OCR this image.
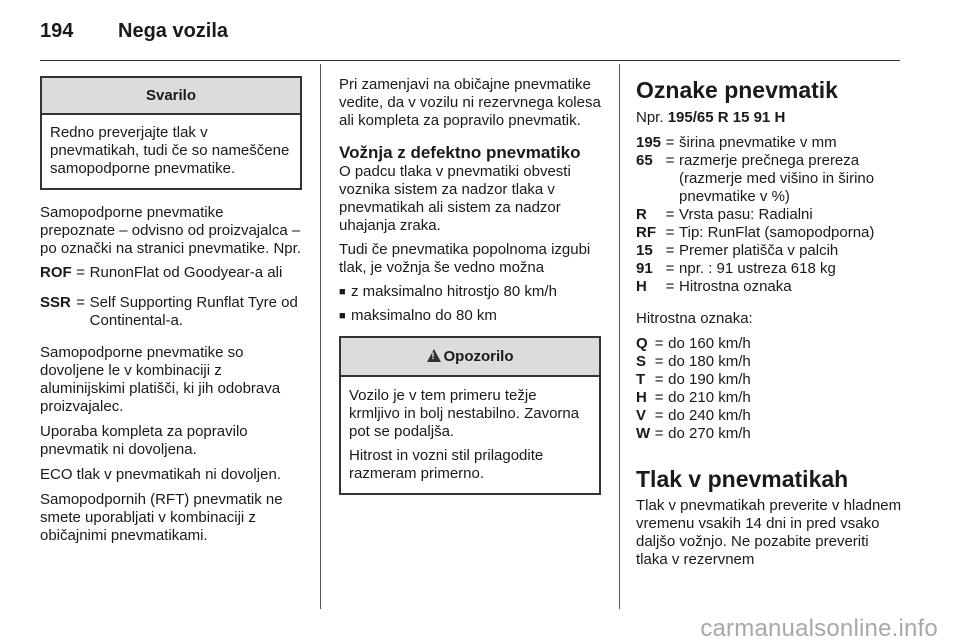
194 Nega vozila
Svarilo

Redno preverjajte tlak v pnevmatikah, tudi če so nameščene samopodporne pnevmatike.

Samopodporne pnevmatike prepoznate – odvisno od proizvajalca – po označki na stranici pnevmatike. Npr.

ROF = RunonFlat od Goodyear-a ali
SSR = Self Supporting Runflat Tyre od Continental-a.

Samopodporne pnevmatike so dovoljene le v kombinaciji z aluminijskimi platišči, ki jih odobrava proizvajalec.

Uporaba kompleta za popravilo pnevmatik ni dovoljena.

ECO tlak v pnevmatikah ni dovoljen.

Samopodpornih (RFT) pnevmatik ne smete uporabljati v kombinaciji z običajnimi pnevmatikami.

Pri zamenjavi na običajne pnevmatike vedite, da v vozilu ni rezervnega kolesa ali kompleta za popravilo pnevmatik.

Vožnja z defektno pnevmatiko

O padcu tlaka v pnevmatiki obvesti voznika sistem za nadzor tlaka v pnevmatikah ali sistem za nadzor uhajanja zraka.

Tudi če pnevmatika popolnoma izgubi tlak, je vožnja še vedno možna

■ z maksimalno hitrostjo 80 km/h
■ maksimalno do 80 km
!Opozorilo

Vozilo je v tem primeru težje krmljivo in bolj nestabilno. Zavorna pot se podaljša.

Hitrost in vozni stil prilagodite razmeram primerno.

Oznake pnevmatik

Npr. 195/65 R 15 91 H

195 = širina pnevmatike v mm
65 = razmerje prečnega prereza (razmerje med višino in širino pnevmatike v %)
R	= Vrsta pasu: Radialni
RF = Tip: RunFlat (samopodporna)
15 = Premer platišča v palcih
91 = npr. : 91 ustreza 618 kg
H	= Hitrostna oznaka

Hitrostna oznaka:

Q = do 160 km/h
S = do 180 km/h
T = do 190 km/h
H = do 210 km/h
V = do 240 km/h
W = do 270 km/h
Tlak v pnevmatikah

Tlak v pnevmatikah preverite v hladnem vremenu vsakih 14 dni in pred vsako daljšo vožnjo. Ne pozabite preveriti tlaka v rezervnem

carmanualsonline.info
